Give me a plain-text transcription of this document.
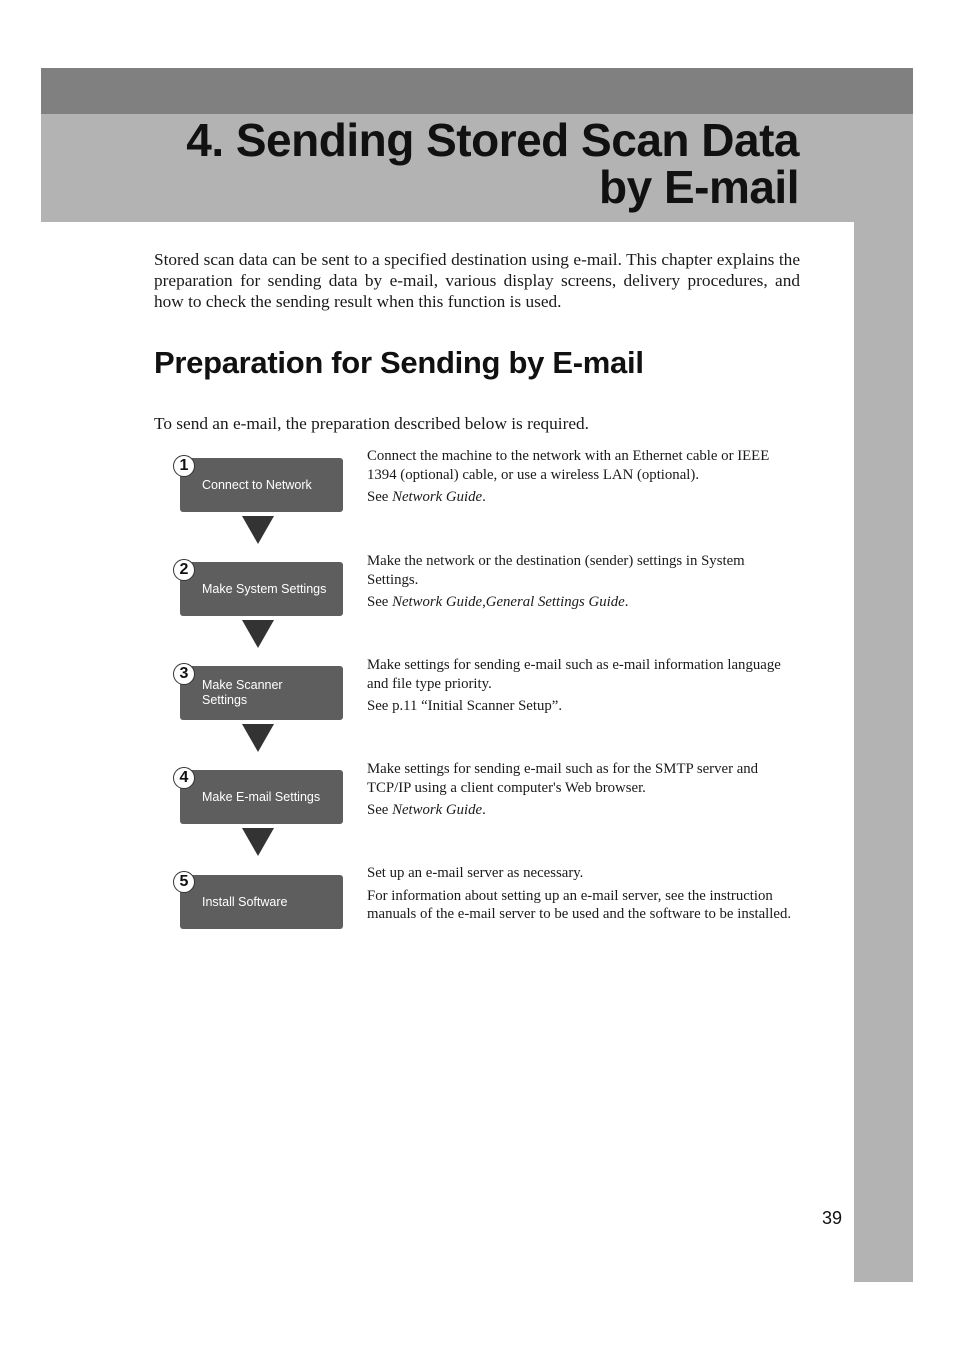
4. Sending Stored Scan Data
by E-mail

Stored scan data can be sent to a specified destination using e-mail. This chapter explains the preparation for sending data by e-mail, various display screens, delivery procedures, and how to check the sending result when this function is used.

Preparation for Sending by E-mail

To send an e-mail, the preparation described below is required.

Connect to Network
1

Connect the machine to the network with an Ethernet cable or IEEE 1394 (optional) cable, or use a wireless LAN (optional).

See Network Guide.

Make System Settings
2	Make the network or the destination (sender) settings in System Settings.

See Network Guide,General Settings Guide.

Make Scanner Settings
3	Make settings for sending e-mail such as e-mail information language and file type priority.

See p.11 “Initial Scanner Setup”.

Make E-mail Settings
4	Make settings for sending e-mail such as for the SMTP server and TCP/IP using a client computer's Web browser.

See Network Guide.

Install Software
5	Set up an e-mail server as necessary.

For information about setting up an e-mail server, see the instruction manuals of the e-mail server to be used and the software to be installed.

39
